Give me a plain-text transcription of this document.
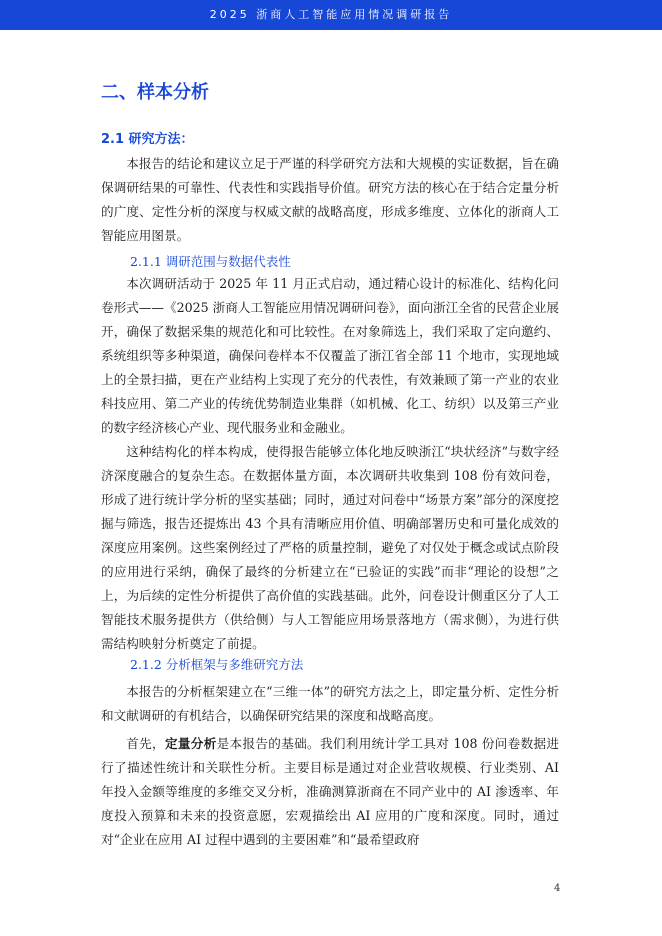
2025 浙商人工智能应用情况调研报告
二、样本分析
2.1 研究方法：

本报告的结论和建议立足于严谨的科学研究方法和大规模的实证数据，旨在确保调研结果的可靠性、代表性和实践指导价值。研究方法的核心在于结合定量分析的广度、定性分析的深度与权威文献的战略高度，形成多维度、立体化的浙商人工智能应用图景。

2.1.1 调研范围与数据代表性

本次调研活动于 2025 年 11 月正式启动，通过精心设计的标准化、结构化问卷形式——《2025 浙商人工智能应用情况调研问卷》，面向浙江全省的民营企业展开，确保了数据采集的规范化和可比较性。在对象筛选上，我们采取了定向邀约、系统组织等多种渠道，确保问卷样本不仅覆盖了浙江省全部 11 个地市，实现地域上的全景扫描，更在产业结构上实现了充分的代表性，有效兼顾了第一产业的农业科技应用、第二产业的传统优势制造业集群（如机械、化工、纺织）以及第三产业的数字经济核心产业、现代服务业和金融业。

这种结构化的样本构成，使得报告能够立体化地反映浙江“块状经济”与数字经济深度融合的复杂生态。在数据体量方面，本次调研共收集到 108 份有效问卷，形成了进行统计学分析的坚实基础；同时，通过对问卷中“场景方案”部分的深度挖掘与筛选，报告还提炼出 43 个具有清晰应用价值、明确部署历史和可量化成效的深度应用案例。这些案例经过了严格的质量控制，避免了对仅处于概念或试点阶段的应用进行采纳，确保了最终的分析建立在“已验证的实践”而非“理论的设想”之上，为后续的定性分析提供了高价值的实践基础。此外，问卷设计侧重区分了人工智能技术服务提供方（供给侧）与人工智能应用场景落地方（需求侧），为进行供需结构映射分析奠定了前提。

2.1.2 分析框架与多维研究方法

本报告的分析框架建立在“三维一体”的研究方法之上，即定量分析、定性分析和文献调研的有机结合，以确保研究结果的深度和战略高度。

首先，定量分析是本报告的基础。我们利用统计学工具对 108 份问卷数据进行了描述性统计和关联性分析。主要目标是通过对企业营收规模、行业类别、AI 年投入金额等维度的多维交叉分析，准确测算浙商在不同产业中的 AI 渗透率、年度投入预算和未来的投资意愿，宏观描绘出 AI 应用的广度和深度。同时，通过对“企业在应用 AI 过程中遇到的主要困难”和“最希望政府

4
